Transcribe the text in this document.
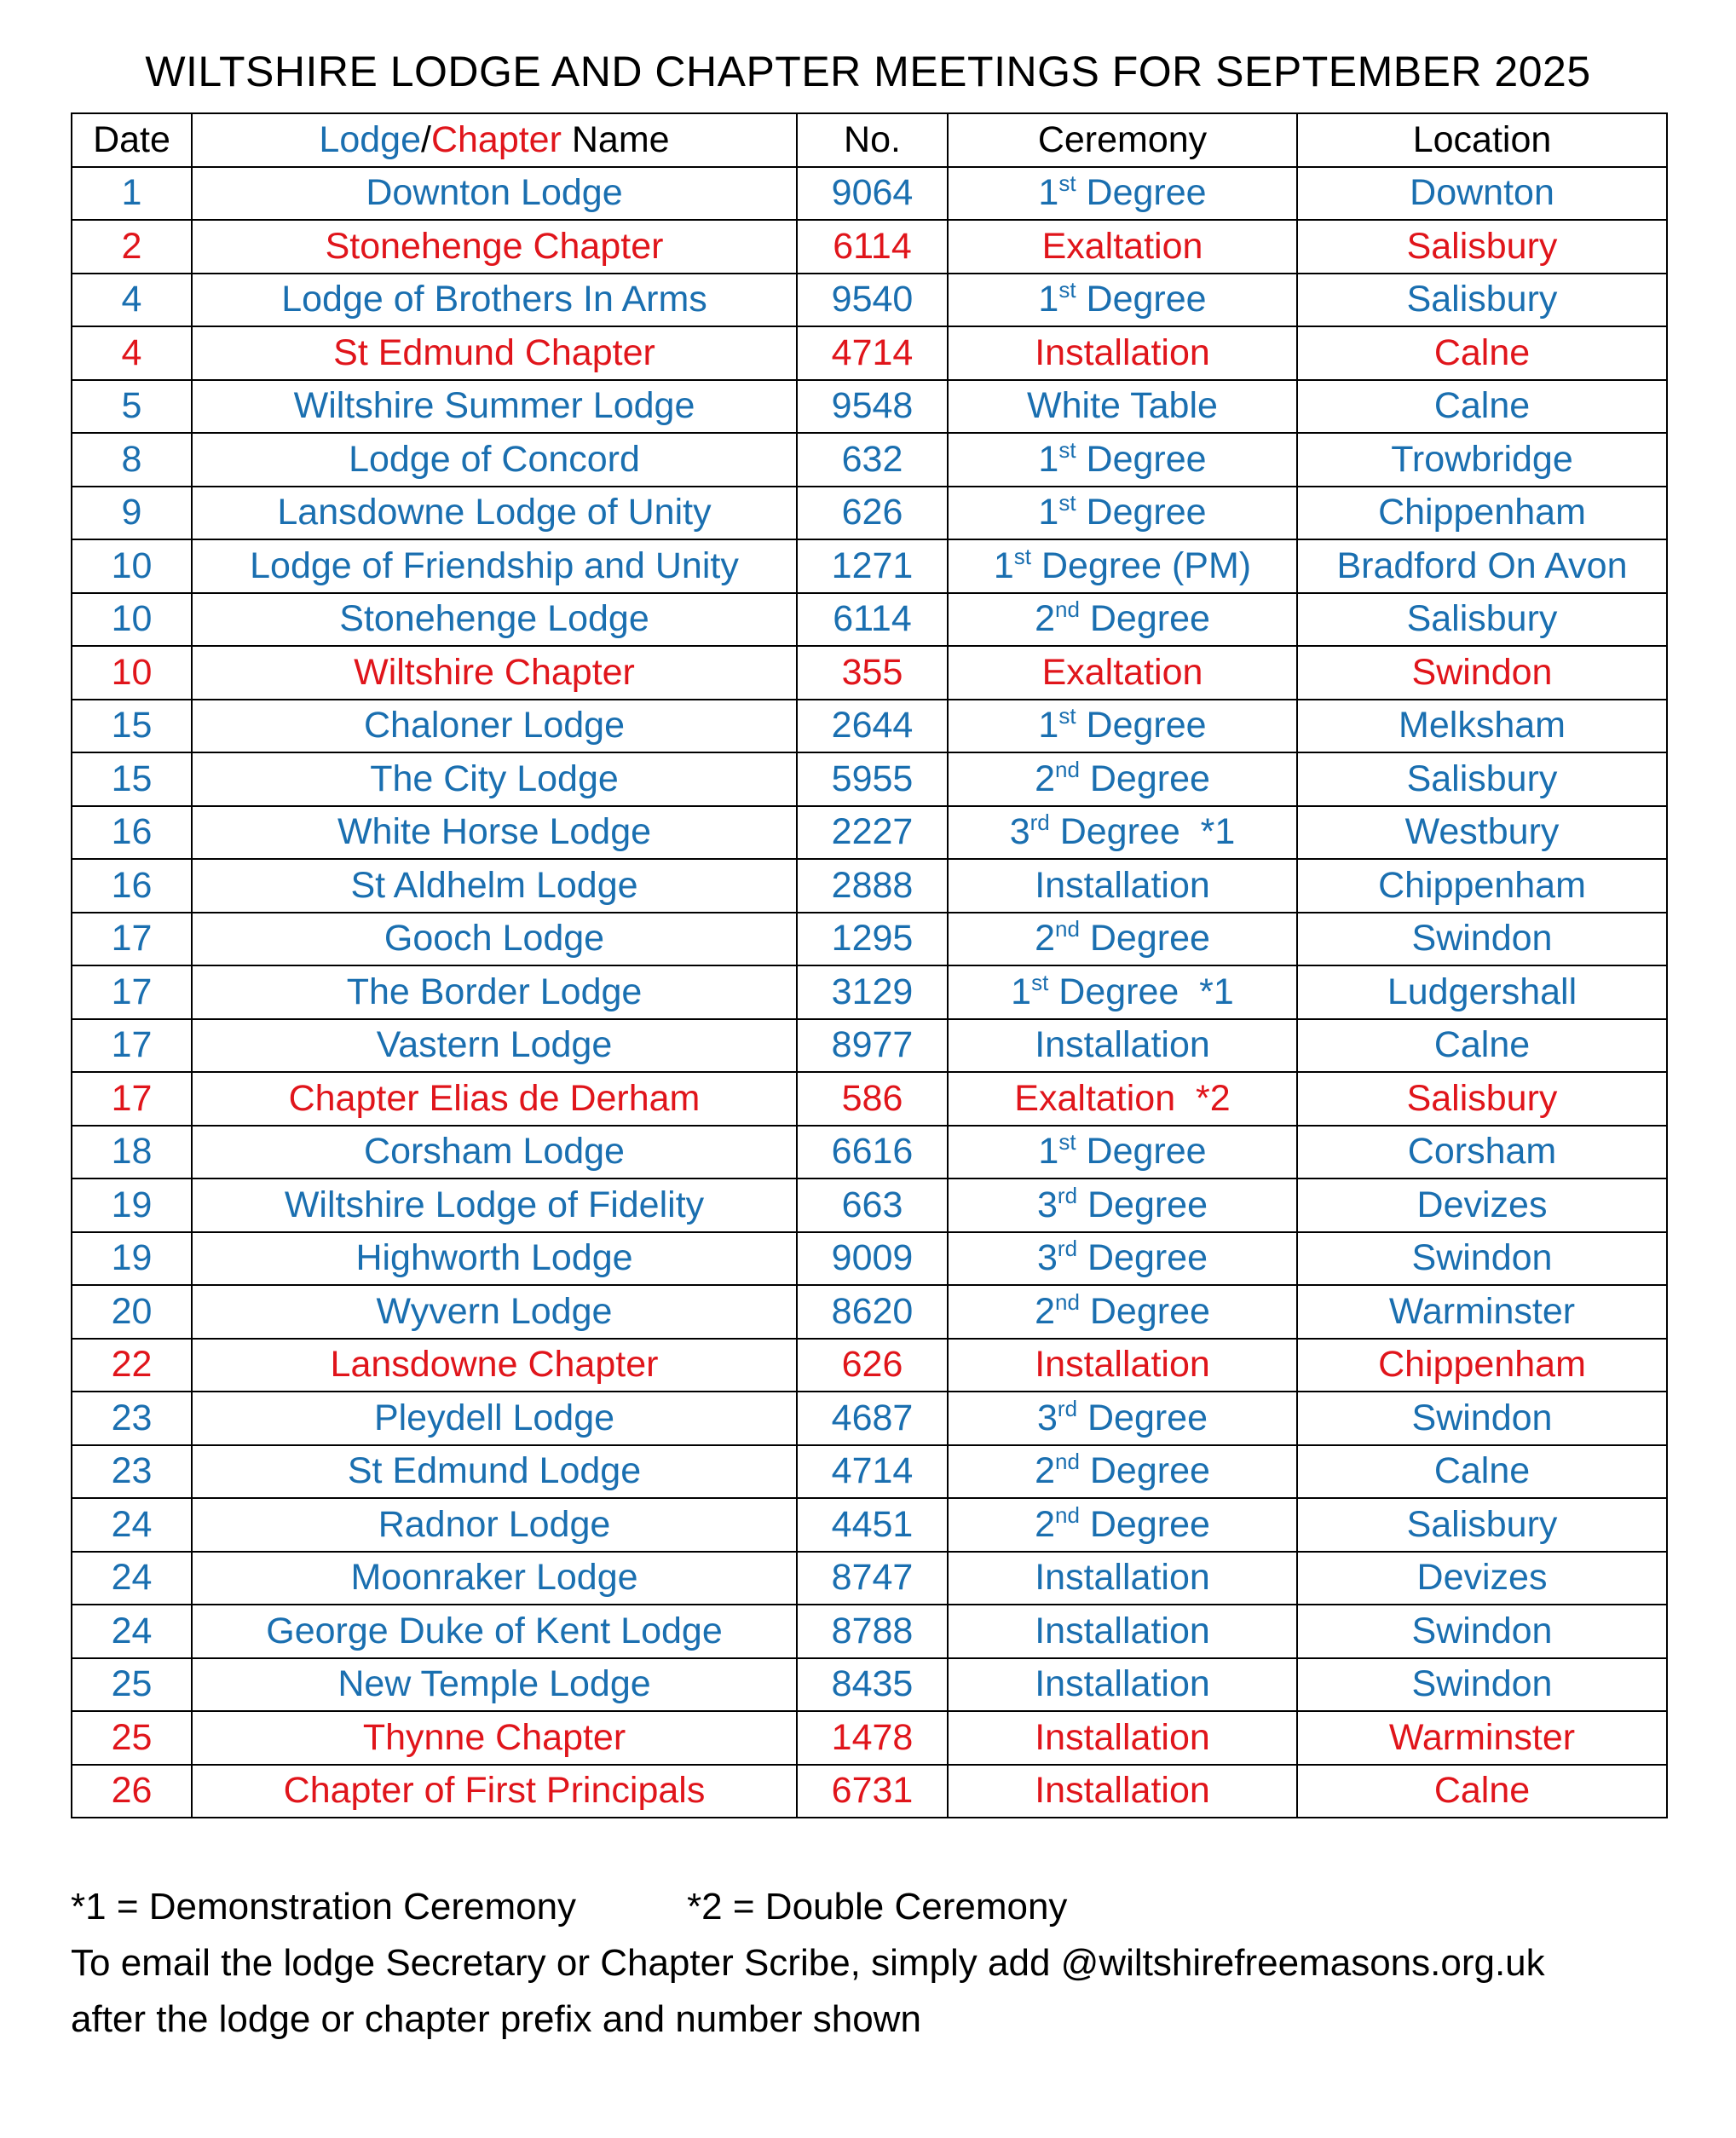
WILTSHIRE LODGE AND CHAPTER MEETINGS FOR SEPTEMBER 2025
Date	Lodge/Chapter Name	No.	Ceremony	Location
1	Downton Lodge	9064	1st Degree	Downton
2	Stonehenge Chapter	6114	Exaltation	Salisbury
4	Lodge of Brothers In Arms	9540	1st Degree	Salisbury
4	St Edmund Chapter	4714	Installation	Calne
5	Wiltshire Summer Lodge	9548	White Table	Calne
8	Lodge of Concord	632	1st Degree	Trowbridge
9	Lansdowne Lodge of Unity	626	1st Degree	Chippenham
10	Lodge of Friendship and Unity	1271	1st Degree (PM)	Bradford On Avon
10	Stonehenge Lodge	6114	2nd Degree	Salisbury
10	Wiltshire Chapter	355	Exaltation	Swindon
15	Chaloner Lodge	2644	1st Degree	Melksham
15	The City Lodge	5955	2nd Degree	Salisbury
16	White Horse Lodge	2227	3rd Degree  *1	Westbury
16	St Aldhelm Lodge	2888	Installation	Chippenham
17	Gooch Lodge	1295	2nd Degree	Swindon
17	The Border Lodge	3129	1st Degree  *1	Ludgershall
17	Vastern Lodge	8977	Installation	Calne
17	Chapter Elias de Derham	586	Exaltation  *2	Salisbury
18	Corsham Lodge	6616	1st Degree	Corsham
19	Wiltshire Lodge of Fidelity	663	3rd Degree	Devizes
19	Highworth Lodge	9009	3rd Degree	Swindon
20	Wyvern Lodge	8620	2nd Degree	Warminster
22	Lansdowne Chapter	626	Installation	Chippenham
23	Pleydell Lodge	4687	3rd Degree	Swindon
23	St Edmund Lodge	4714	2nd Degree	Calne
24	Radnor Lodge	4451	2nd Degree	Salisbury
24	Moonraker Lodge	8747	Installation	Devizes
24	George Duke of Kent Lodge	8788	Installation	Swindon
25	New Temple Lodge	8435	Installation	Swindon
25	Thynne Chapter	1478	Installation	Warminster
26	Chapter of First Principals	6731	Installation	Calne
*1 = Demonstration Ceremony	*2 = Double Ceremony
To email the lodge Secretary or Chapter Scribe, simply add @wiltshirefreemasons.org.uk
after the lodge or chapter prefix and number shown
